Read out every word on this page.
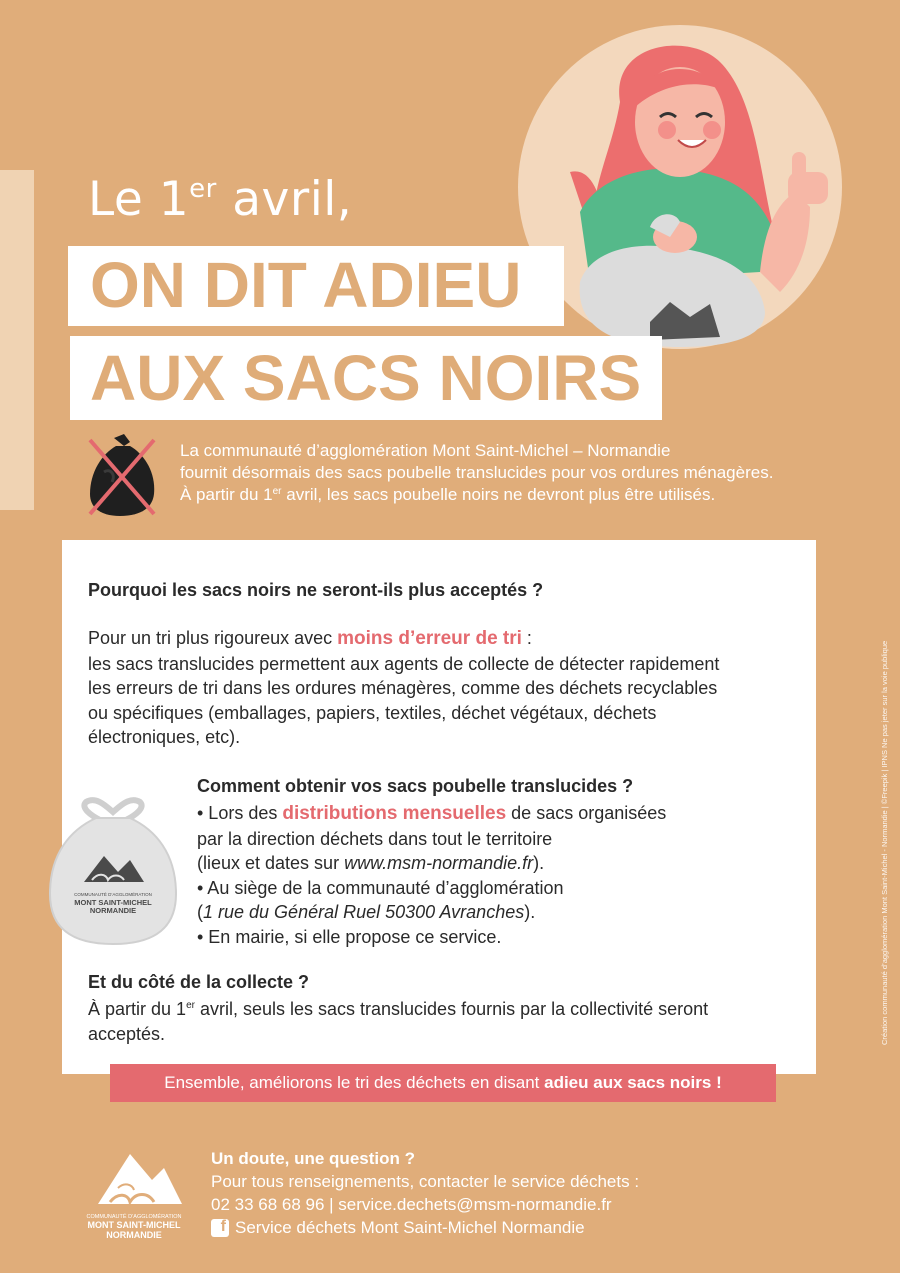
Le 1er avril,
ON DIT ADIEU
AUX SACS NOIRS
La communauté d’agglomération Mont Saint-Michel – Normandie
fournit désormais des sacs poubelle translucides pour vos ordures ménagères.
À partir du 1er avril, les sacs poubelle noirs ne devront plus être utilisés.
Pourquoi les sacs noirs ne seront-ils plus acceptés ?
Pour un tri plus rigoureux avec moins d’erreur de tri :
les sacs translucides permettent aux agents de collecte de détecter rapidement
les erreurs de tri dans les ordures ménagères, comme des déchets recyclables
ou spécifiques (emballages, papiers, textiles, déchet végétaux, déchets
électroniques, etc).
Comment obtenir vos sacs poubelle translucides ?
• Lors des distributions mensuelles de sacs organisées
par la direction déchets dans tout le territoire
(lieux et dates sur www.msm-normandie.fr).
• Au siège de la communauté d’agglomération
(1 rue du Général Ruel 50300 Avranches).
• En mairie, si elle propose ce service.
Et du côté de la collecte ?
À partir du 1er avril, seuls les sacs translucides fournis par la collectivité seront
acceptés.
COMMUNAUTÉ D’AGGLOMÉRATION
MONT SAINT-MICHEL
NORMANDIE
Ensemble, améliorons le tri des déchets en disant adieu aux sacs noirs !
COMMUNAUTÉ D’AGGLOMÉRATION
MONT SAINT-MICHEL
NORMANDIE
Un doute, une question ?
Pour tous renseignements, contacter le service déchets :
02 33 68 68 96 | service.dechets@msm-normandie.fr
f Service déchets Mont Saint-Michel Normandie
Création communauté d’agglomération Mont Saint-Michel - Normandie | ©Freepik | IPNS Ne pas jeter sur la voie publique
